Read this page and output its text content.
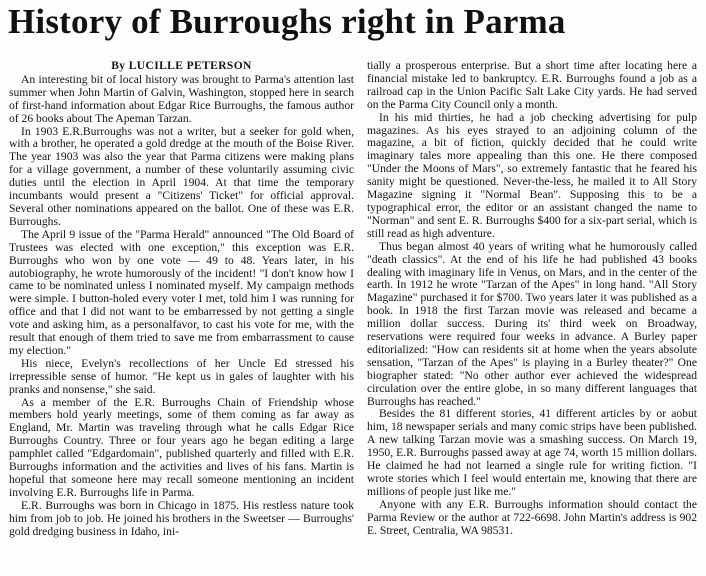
History of Burroughs right in Parma
By LUCILLE PETERSON

An interesting bit of local history was brought to Parma's attention last summer when John Martin of Galvin, Washington, stopped here in search of first-hand information about Edgar Rice Burroughs, the famous author of 26 books about The Apeman Tarzan.

In 1903 E.R.Burroughs was not a writer, but a seeker for gold when, with a brother, he operated a gold dredge at the mouth of the Boise River. The year 1903 was also the year that Parma citizens were making plans for a village government, a number of these voluntarily assuming civic duties until the election in April 1904. At that time the temporary incumbants would present a "Citizens' Ticket" for official approval. Several other nominations appeared on the ballot. One of these was E.R. Burroughs.

The April 9 issue of the "Parma Herald" announced "The Old Board of Trustees was elected with one exception," this exception was E.R. Burroughs who won by one vote — 49 to 48. Years later, in his autobiography, he wrote humorously of the incident! "I don't know how I came to be nominated unless I nominated myself. My campaign methods were simple. I button-holed every voter I met, told him I was running for office and that I did not want to be embarressed by not getting a single vote and asking him, as a personalfavor, to cast his vote for me, with the result that enough of them tried to save me from embarrassment to cause my election."

His niece, Evelyn's recollections of her Uncle Ed stressed his irrepressible sense of humor. "He kept us in gales of laughter with his pranks and nonsense," she said.

As a member of the E.R. Burroughs Chain of Friendship whose members hold yearly meetings, some of them coming as far away as England, Mr. Martin was traveling through what he calls Edgar Rice Burroughs Country. Three or four years ago he began editing a large pamphlet called "Edgardomain", published quarterly and filled with E.R. Burroughs information and the activities and lives of his fans. Martin is hopeful that someone here may recall someone mentioning an incident involving E.R. Burroughs life in Parma.

E.R. Burroughs was born in Chicago in 1875. His restless nature took him from job to job. He joined his brothers in the Sweetser — Burroughs' gold dredging business in Idaho, ini-

tially a prosperous enterprise. But a short time after locating here a financial mistake led to bankruptcy. E.R. Burroughs found a job as a railroad cap in the Union Pacific Salt Lake City yards. He had served on the Parma City Council only a month.

In his mid thirties, he had a job checking advertising for pulp magazines. As his eyes strayed to an adjoining column of the magazine, a bit of fiction, quickly decided that he could write imaginary tales more appealing than this one. He there composed "Under the Moons of Mars", so extremely fantastic that he feared his sanity might be questioned. Never-the-less, he mailed it to All Story Magazine signing it "Normal Bean". Supposing this to be a typographical error, the editor or an assistant changed the name to "Norman" and sent E. R. Burroughs $400 for a six-part serial, which is still read as high adventure.

Thus began almost 40 years of writing what he humorously called "death classics". At the end of his life he had published 43 books dealing with imaginary life in Venus, on Mars, and in the center of the earth. In 1912 he wrote "Tarzan of the Apes" in long hand. "All Story Magazine" purchased it for $700. Two years later it was published as a book. In 1918 the first Tarzan movie was released and became a million dollar success. During its' third week on Broadway, reservations were required four weeks in advance. A Burley paper editorialized: "How can residents sit at home when the years absolute sensation, "Tarzan of the Apes" is playing in a Burley theater?" One biographer stated: "No other author ever achieved the widespread circulation over the entire globe, in so many different languages that Burroughs has reached."

Besides the 81 different stories, 41 different articles by or aobut him, 18 newspaper serials and many comic strips have been published. A new talking Tarzan movie was a smashing success. On March 19, 1950, E.R. Burroughs passed away at age 74, worth 15 million dollars. He claimed he had not learned a single rule for writing fiction. "I wrote stories which I feel would entertain me, knowing that there are millions of people just like me."

Anyone with any E.R. Burroughs information should contact the Parma Review or the author at 722-6698. John Martin's address is 902 E. Street, Centralia, WA 98531.
